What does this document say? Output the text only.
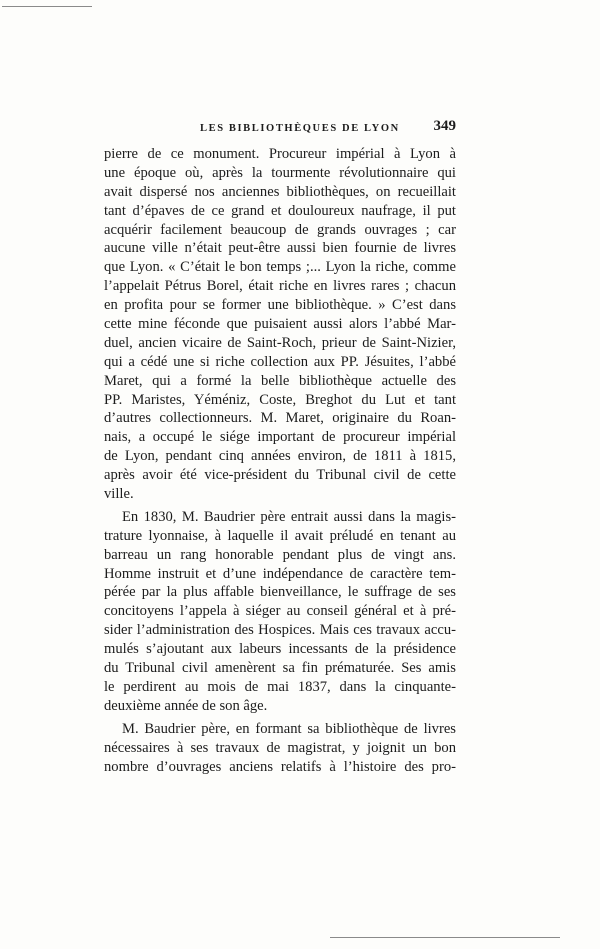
LES BIBLIOTHÈQUES DE LYON 349
pierre de ce monument. Procureur impérial à Lyon à
une époque où, après la tourmente révolutionnaire qui
avait dispersé nos anciennes bibliothèques, on recueillait
tant d’épaves de ce grand et douloureux naufrage, il put
acquérir facilement beaucoup de grands ouvrages ; car
aucune ville n’était peut-être aussi bien fournie de livres
que Lyon. « C’était le bon temps ;... Lyon la riche, comme
l’appelait Pétrus Borel, était riche en livres rares ; chacun
en profita pour se former une bibliothèque. » C’est dans
cette mine féconde que puisaient aussi alors l’abbé Mar-
duel, ancien vicaire de Saint-Roch, prieur de Saint-Nizier,
qui a cédé une si riche collection aux PP. Jésuites, l’abbé
Maret, qui a formé la belle bibliothèque actuelle des
PP. Maristes, Yéméniz, Coste, Breghot du Lut et tant
d’autres collectionneurs. M. Maret, originaire du Roan-
nais, a occupé le siége important de procureur impérial
de Lyon, pendant cinq années environ, de 1811 à 1815,
après avoir été vice-président du Tribunal civil de cette
ville.
En 1830, M. Baudrier père entrait aussi dans la magis-
trature lyonnaise, à laquelle il avait préludé en tenant au
barreau un rang honorable pendant plus de vingt ans.
Homme instruit et d’une indépendance de caractère tem-
pérée par la plus affable bienveillance, le suffrage de ses
concitoyens l’appela à siéger au conseil général et à pré-
sider l’administration des Hospices. Mais ces travaux accu-
mulés s’ajoutant aux labeurs incessants de la présidence
du Tribunal civil amenèrent sa fin prématurée. Ses amis
le perdirent au mois de mai 1837, dans la cinquante-
deuxième année de son âge.
M. Baudrier père, en formant sa bibliothèque de livres
nécessaires à ses travaux de magistrat, y joignit un bon
nombre d’ouvrages anciens relatifs à l’histoire des pro-
